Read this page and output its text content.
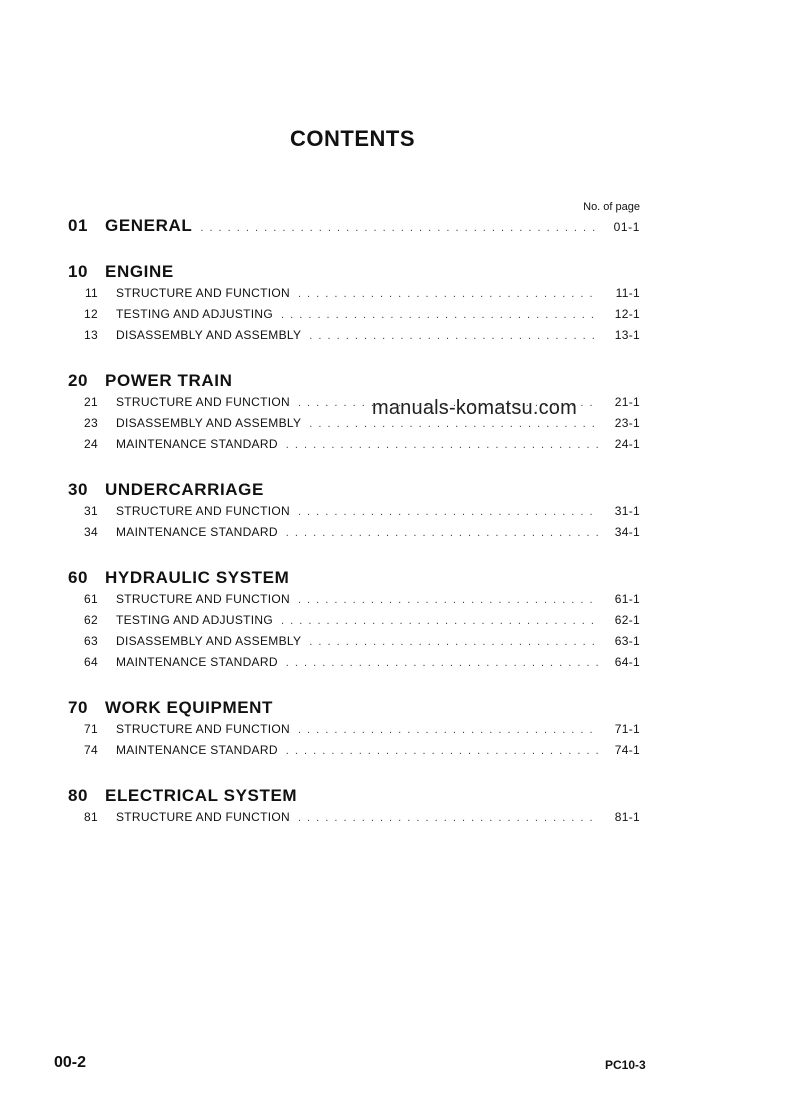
CONTENTS
No. of page
01 GENERAL . . .	01-1
10 ENGINE
11 STRUCTURE AND FUNCTION . . .	11-1
12 TESTING AND ADJUSTING . . .	12-1
13 DISASSEMBLY AND ASSEMBLY . . .	13-1
20 POWER TRAIN
21 STRUCTURE AND FUNCTION . . .	21-1
23 DISASSEMBLY AND ASSEMBLY . . .	23-1
24 MAINTENANCE STANDARD . . .	24-1
30 UNDERCARRIAGE
31 STRUCTURE AND FUNCTION . . .	31-1
34 MAINTENANCE STANDARD . . .	34-1
60 HYDRAULIC SYSTEM
61 STRUCTURE AND FUNCTION . . .	61-1
62 TESTING AND ADJUSTING . . .	62-1
63 DISASSEMBLY AND ASSEMBLY . . .	63-1
64 MAINTENANCE STANDARD . . .	64-1
70 WORK EQUIPMENT
71 STRUCTURE AND FUNCTION . . .	71-1
74 MAINTENANCE STANDARD . . .	74-1
80 ELECTRICAL SYSTEM
81 STRUCTURE AND FUNCTION . . .	81-1
manuals-komatsu.com
00-2	PC10-3
